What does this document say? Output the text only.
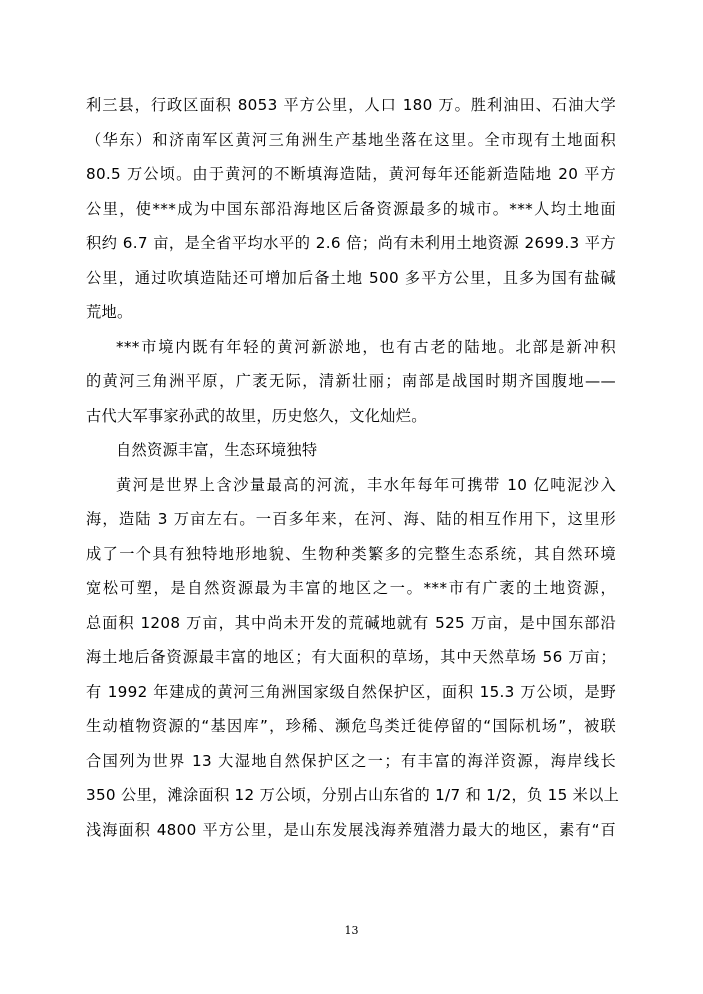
利三县，行政区面积 8053 平方公里，人口 180 万。胜利油田、石油大学
（华东）和济南军区黄河三角洲生产基地坐落在这里。全市现有土地面积
80.5 万公顷。由于黄河的不断填海造陆，黄河每年还能新造陆地 20 平方
公里，使***成为中国东部沿海地区后备资源最多的城市。***人均土地面
积约 6.7 亩，是全省平均水平的 2.6 倍；尚有未利用土地资源 2699.3 平方
公里，通过吹填造陆还可增加后备土地 500 多平方公里，且多为国有盐碱
荒地。
***市境内既有年轻的黄河新淤地，也有古老的陆地。北部是新冲积
的黄河三角洲平原，广袤无际，清新壮丽；南部是战国时期齐国腹地——
古代大军事家孙武的故里，历史悠久，文化灿烂。
自然资源丰富，生态环境独特
黄河是世界上含沙量最高的河流，丰水年每年可携带 10 亿吨泥沙入
海，造陆 3 万亩左右。一百多年来，在河、海、陆的相互作用下，这里形
成了一个具有独特地形地貌、生物种类繁多的完整生态系统，其自然环境
宽松可塑，是自然资源最为丰富的地区之一。***市有广袤的土地资源，
总面积 1208 万亩，其中尚未开发的荒碱地就有 525 万亩，是中国东部沿
海土地后备资源最丰富的地区；有大面积的草场，其中天然草场 56 万亩；
有 1992 年建成的黄河三角洲国家级自然保护区，面积 15.3 万公顷，是野
生动植物资源的“基因库”，珍稀、濒危鸟类迁徙停留的“国际机场”，被联
合国列为世界 13 大湿地自然保护区之一；有丰富的海洋资源，海岸线长
350 公里，滩涂面积 12 万公顷，分别占山东省的 1/7 和 1/2，负 15 米以上
浅海面积 4800 平方公里，是山东发展浅海养殖潜力最大的地区，素有“百
13
